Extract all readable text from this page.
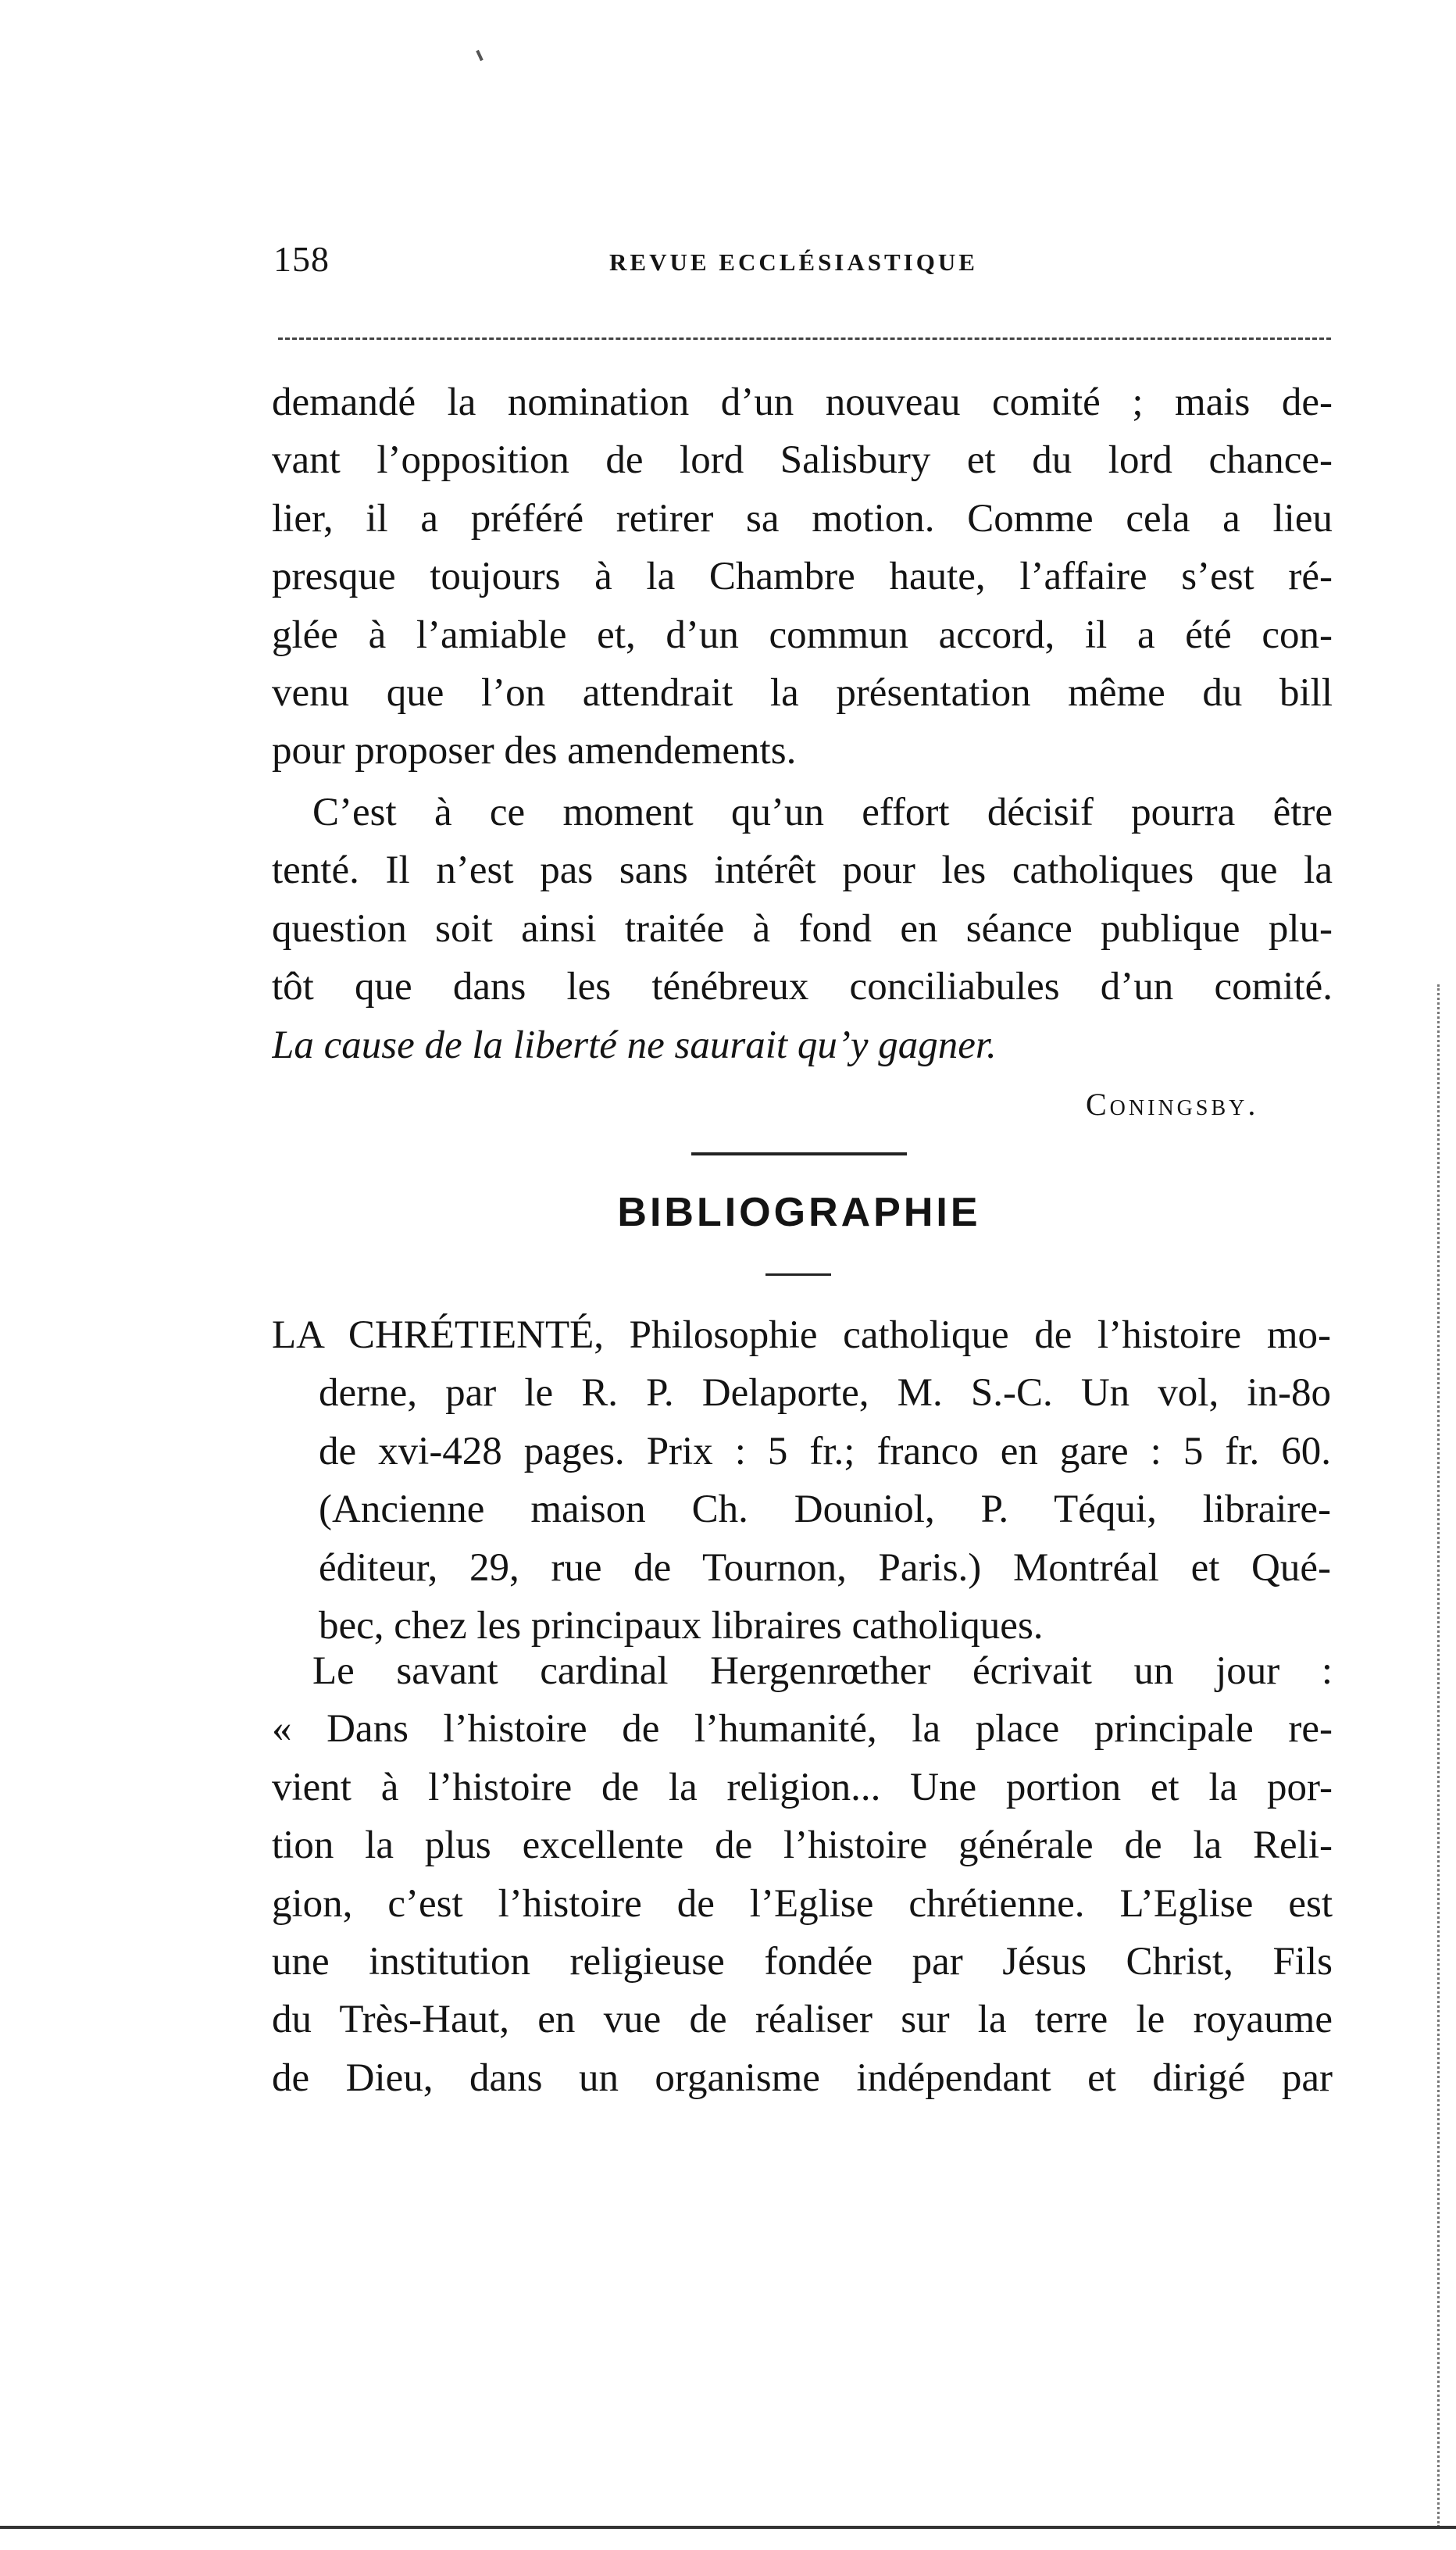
158	REVUE ECCLÉSIASTIQUE
demandé la nomination d’un nouveau comité ; mais de-
vant l’opposition de lord Salisbury et du lord chance-
lier, il a préféré retirer sa motion. Comme cela a lieu
presque toujours à la Chambre haute, l’affaire s’est ré-
glée à l’amiable et, d’un commun accord, il a été con-
venu que l’on attendrait la présentation même du bill
pour proposer des amendements.
C’est à ce moment qu’un effort décisif pourra être
tenté. Il n’est pas sans intérêt pour les catholiques que la
question soit ainsi traitée à fond en séance publique plu-
tôt que dans les ténébreux conciliabules d’un comité.
La cause de la liberté ne saurait qu’y gagner.
Coningsby.
BIBLIOGRAPHIE
LA CHRÉTIENTÉ, Philosophie catholique de l’histoire mo-
derne, par le R. P. Delaporte, M. S.-C. Un vol, in-8o
de xvi-428 pages. Prix : 5 fr.; franco en gare : 5 fr. 60.
(Ancienne maison Ch. Douniol, P. Téqui, libraire-
éditeur, 29, rue de Tournon, Paris.) Montréal et Qué-
bec, chez les principaux libraires catholiques.
Le savant cardinal Hergenrœther écrivait un jour :
« Dans l’histoire de l’humanité, la place principale re-
vient à l’histoire de la religion... Une portion et la por-
tion la plus excellente de l’histoire générale de la Reli-
gion, c’est l’histoire de l’Eglise chrétienne. L’Eglise est
une institution religieuse fondée par Jésus Christ, Fils
du Très-Haut, en vue de réaliser sur la terre le royaume
de Dieu, dans un organisme indépendant et dirigé par
